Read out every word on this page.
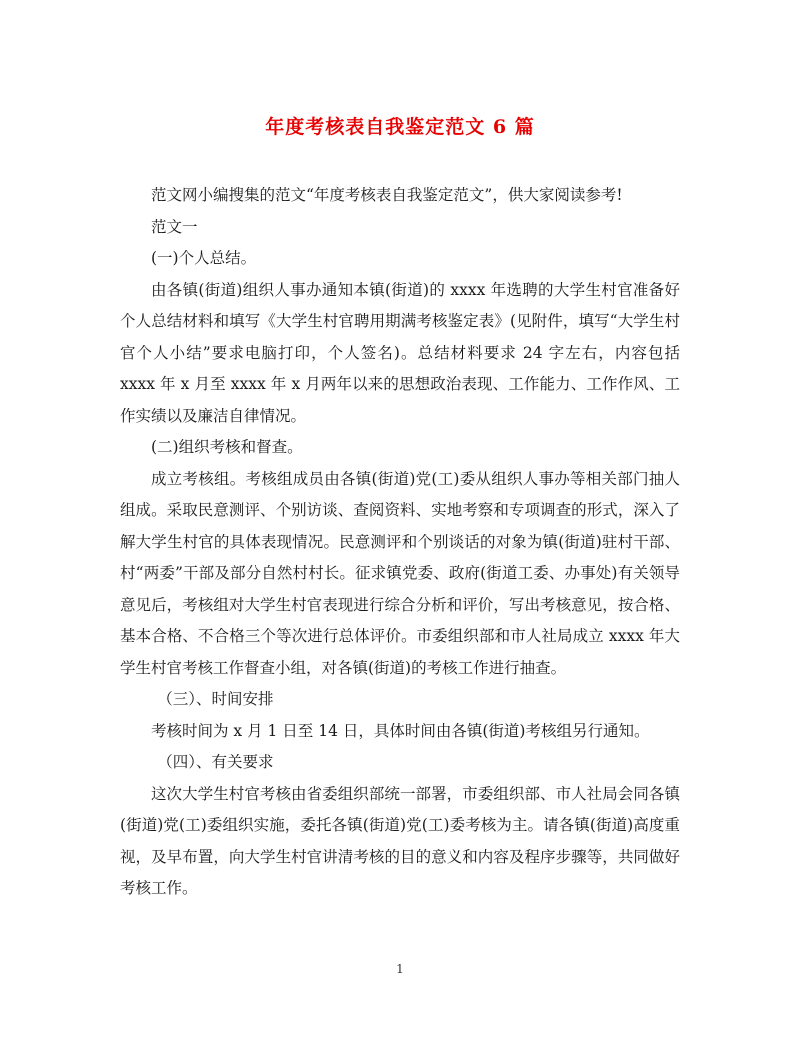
年度考核表自我鉴定范文 6 篇

范文网小编搜集的范文“年度考核表自我鉴定范文”，供大家阅读参考!

范文一

(一)个人总结。

由各镇(街道)组织人事办通知本镇(街道)的 xxxx 年选聘的大学生村官准备好个人总结材料和填写《大学生村官聘用期满考核鉴定表》(见附件，填写“大学生村官个人小结”要求电脑打印，个人签名)。总结材料要求 24 字左右，内容包括 xxxx 年 x 月至 xxxx 年 x 月两年以来的思想政治表现、工作能力、工作作风、工作实绩以及廉洁自律情况。

(二)组织考核和督查。

成立考核组。考核组成员由各镇(街道)党(工)委从组织人事办等相关部门抽人组成。采取民意测评、个别访谈、查阅资料、实地考察和专项调查的形式，深入了解大学生村官的具体表现情况。民意测评和个别谈话的对象为镇(街道)驻村干部、村“两委”干部及部分自然村村长。征求镇党委、政府(街道工委、办事处)有关领导意见后，考核组对大学生村官表现进行综合分析和评价，写出考核意见，按合格、基本合格、不合格三个等次进行总体评价。市委组织部和市人社局成立 xxxx 年大学生村官考核工作督查小组，对各镇(街道)的考核工作进行抽查。

（三）、时间安排

考核时间为 x 月 1 日至 14 日，具体时间由各镇(街道)考核组另行通知。

（四）、有关要求

这次大学生村官考核由省委组织部统一部署，市委组织部、市人社局会同各镇(街道)党(工)委组织实施，委托各镇(街道)党(工)委考核为主。请各镇(街道)高度重视，及早布置，向大学生村官讲清考核的目的意义和内容及程序步骤等，共同做好考核工作。

1
